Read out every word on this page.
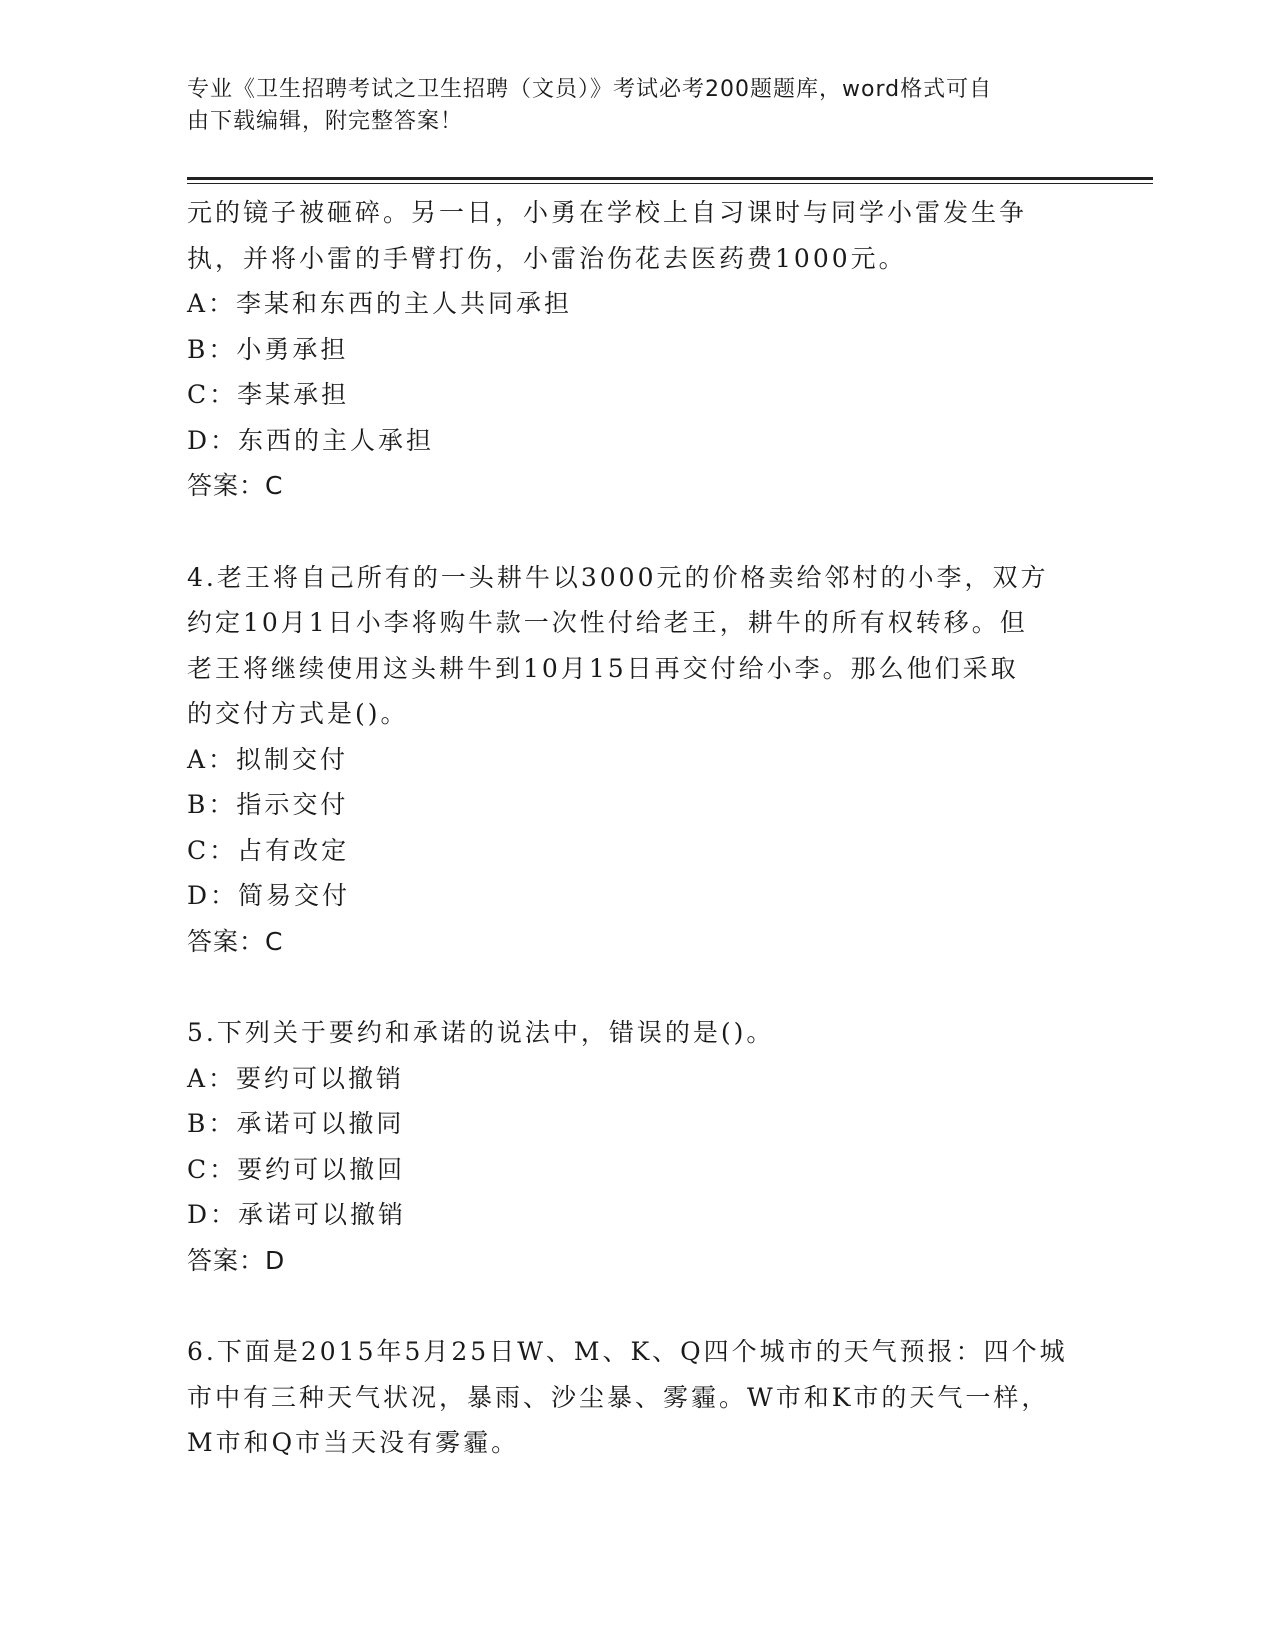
专业《卫生招聘考试之卫生招聘（文员）》考试必考200题题库，word格式可自
由下载编辑，附完整答案！
元的镜子被砸碎。另一日，小勇在学校上自习课时与同学小雷发生争
执，并将小雷的手臂打伤，小雷治伤花去医药费1000元。
A：李某和东西的主人共同承担
B：小勇承担
C：李某承担
D：东西的主人承担
答案：C
4.老王将自己所有的一头耕牛以3000元的价格卖给邻村的小李，双方
约定10月1日小李将购牛款一次性付给老王，耕牛的所有权转移。但
老王将继续使用这头耕牛到10月15日再交付给小李。那么他们采取
的交付方式是()。
A：拟制交付
B：指示交付
C：占有改定
D：简易交付
答案：C
5.下列关于要约和承诺的说法中，错误的是()。
A：要约可以撤销
B：承诺可以撤同
C：要约可以撤回
D：承诺可以撤销
答案：D
6.下面是2015年5月25日W、M、K、Q四个城市的天气预报：四个城
市中有三种天气状况，暴雨、沙尘暴、雾霾。W市和K市的天气一样，
M市和Q市当天没有雾霾。
